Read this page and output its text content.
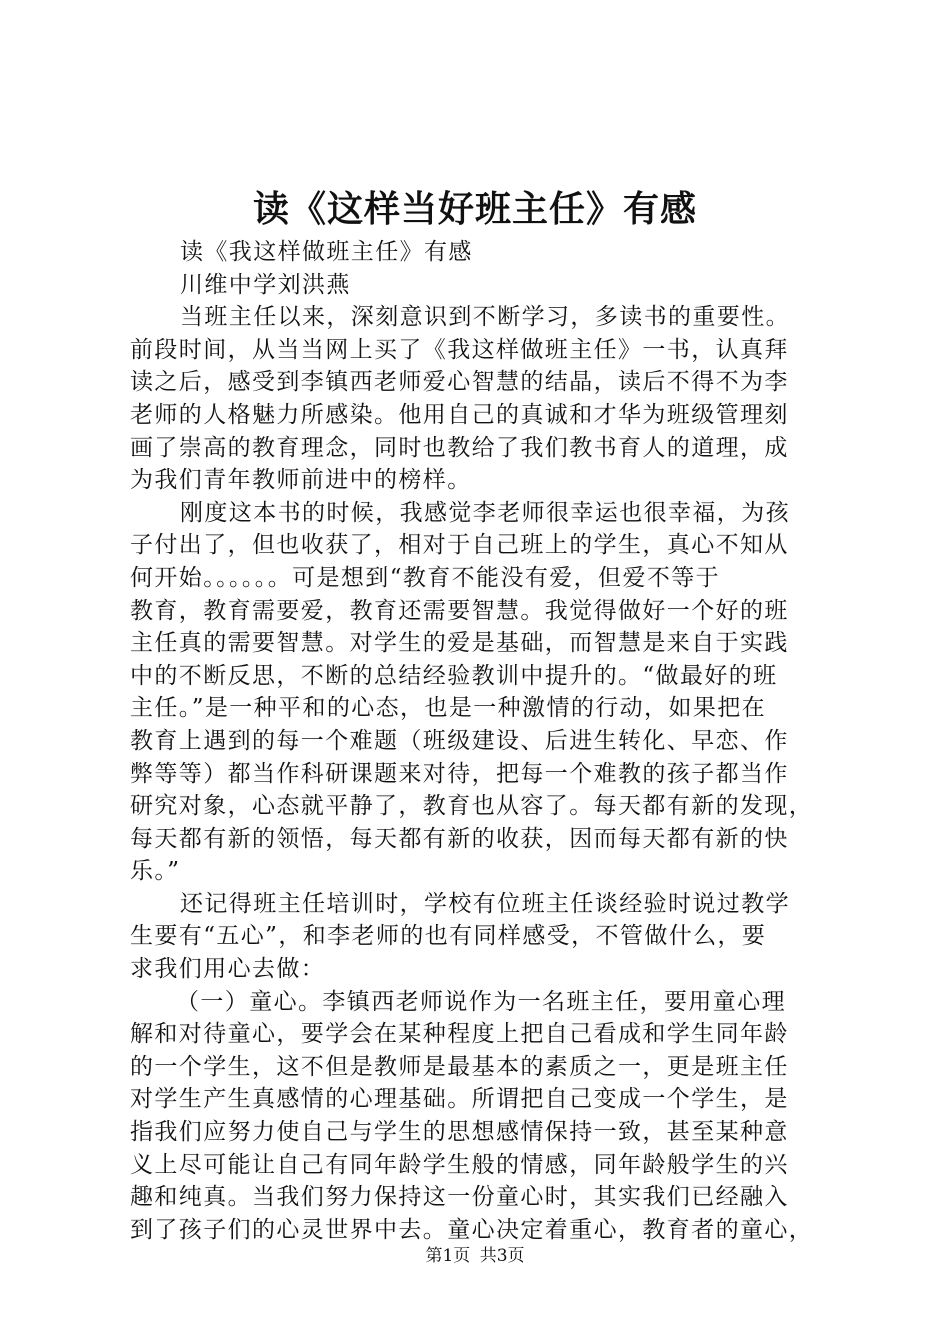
读《这样当好班主任》有感
读《我这样做班主任》有感
川维中学刘洪燕
当班主任以来，深刻意识到不断学习，多读书的重要性。
前段时间，从当当网上买了《我这样做班主任》一书，认真拜
读之后，感受到李镇西老师爱心智慧的结晶，读后不得不为李
老师的人格魅力所感染。他用自己的真诚和才华为班级管理刻
画了崇高的教育理念，同时也教给了我们教书育人的道理，成
为我们青年教师前进中的榜样。
刚度这本书的时候，我感觉李老师很幸运也很幸福，为孩
子付出了，但也收获了，相对于自己班上的学生，真心不知从
何开始。。。。。。可是想到“教育不能没有爱，但爱不等于
教育，教育需要爱，教育还需要智慧。我觉得做好一个好的班
主任真的需要智慧。对学生的爱是基础，而智慧是来自于实践
中的不断反思，不断的总结经验教训中提升的。“做最好的班
主任。”是一种平和的心态，也是一种激情的行动，如果把在
教育上遇到的每一个难题（班级建设、后进生转化、早恋、作
弊等等）都当作科研课题来对待，把每一个难教的孩子都当作
研究对象，心态就平静了，教育也从容了。每天都有新的发现，
每天都有新的领悟，每天都有新的收获，因而每天都有新的快
乐。”
还记得班主任培训时，学校有位班主任谈经验时说过教学
生要有“五心”，和李老师的也有同样感受，不管做什么，要
求我们用心去做：
（一）童心。李镇西老师说作为一名班主任，要用童心理
解和对待童心，要学会在某种程度上把自己看成和学生同年龄
的一个学生，这不但是教师是最基本的素质之一，更是班主任
对学生产生真感情的心理基础。所谓把自己变成一个学生，是
指我们应努力使自己与学生的思想感情保持一致，甚至某种意
义上尽可能让自己有同年龄学生般的情感，同年龄般学生的兴
趣和纯真。当我们努力保持这一份童心时，其实我们已经融入
到了孩子们的心灵世界中去。童心决定着重心，教育者的童心，
第1页 共3页
